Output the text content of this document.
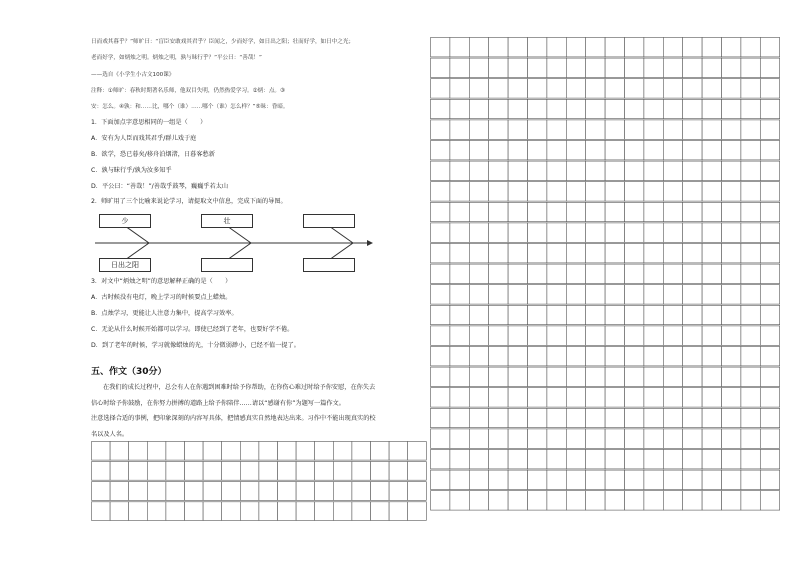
日而戏其暮乎？”师旷曰：“盲臣安敢戏其君乎？臣闻之，少而好学，如日出之阳；壮而好学，如日中之光；
老而好学，如炳烛之明。炳烛之明，孰与昧行乎？”平公曰：“善哉！”
——选自《小学生小古文100课》
注释：①师旷：春秋时期著名乐师，他双目失明，仍然热爱学习。②炳：点。③
安：怎么。④孰：和……比，哪个（谁）……哪个（谁）怎么样？”⑤昧：昏暗。
1．下面加点字意思相同的一组是（　　）
A．安有为人臣而戏其君乎/群儿戏于庭
B．欲学，恐已暮矣/移舟泊烟渚，日暮客愁新
C．孰与昧行乎/孰为汝多知乎
D．平公曰：“善哉！”/善哉乎鼓琴，巍巍乎若太山
2．师旷用了三个比喻来说论学习，请提取文中信息，完成下面的导图。
少	壮
日出之阳
3．对文中“炳烛之明”的意思解释正确的是（　　）
A．古时候没有电灯，晚上学习的时候要点上蜡烛。
B．点烛学习，更能让人注意力集中，提高学习效率。
C．无论从什么时候开始都可以学习。即使已经到了老年，也要好学不倦。
D．到了老年的时候，学习就像蜡烛的光，十分微弱渺小，已经不值一提了。
五、作文（30分）
在我们的成长过程中，总会有人在你遇到困难时给予你帮助，在你伤心难过时给予你安慰，在你失去
信心时给予你鼓励，在你努力拼搏的道路上给予你陪伴……请以“感谢有你”为题写一篇作文。
注意选择合适的事例，把印象深刻的内容写具体，把情感真实自然地表达出来。习作中不能出现真实的校
名以及人名。
